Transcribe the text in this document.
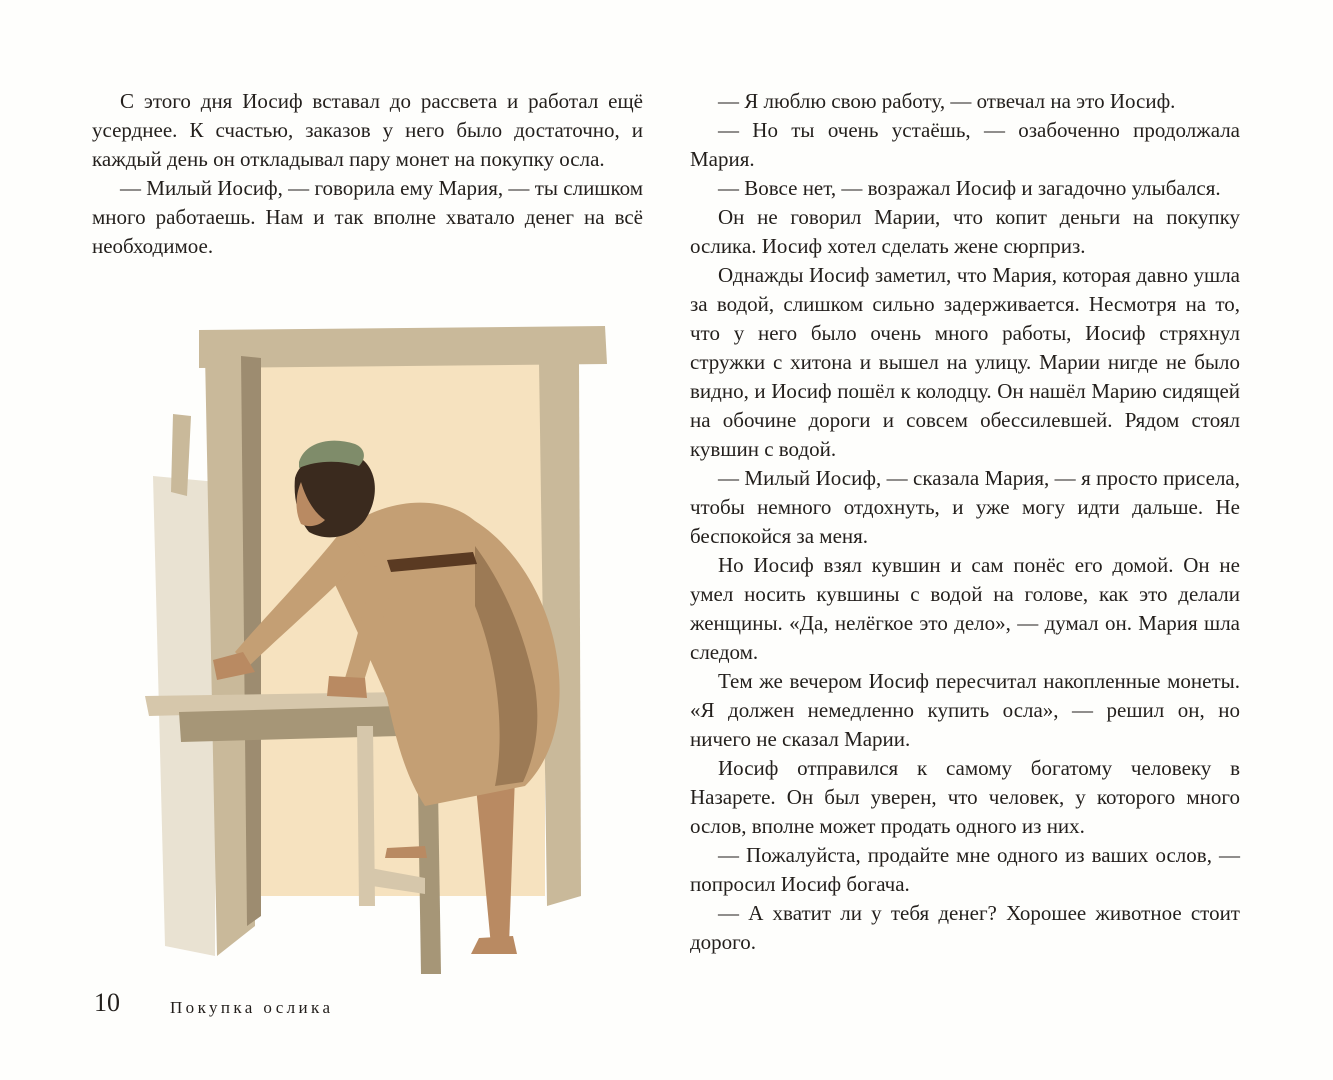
С этого дня Иосиф вставал до рассвета и работал ещё усерднее. К счастью, заказов у него было достаточно, и каждый день он откладывал пару монет на покупку осла.

— Милый Иосиф, — говорила ему Мария, — ты слишком много работаешь. Нам и так вполне хватало денег на всё необходимое.

— Я люблю свою работу, — отвечал на это Иосиф.

— Но ты очень устаёшь, — озабоченно продолжала Мария.

— Вовсе нет, — возражал Иосиф и загадочно улыбался.

Он не говорил Марии, что копит деньги на покупку ослика. Иосиф хотел сделать жене сюрприз.

Однажды Иосиф заметил, что Мария, которая давно ушла за водой, слишком сильно задерживается. Несмотря на то, что у него было очень много работы, Иосиф стряхнул стружки с хитона и вышел на улицу. Марии нигде не было видно, и Иосиф пошёл к колодцу. Он нашёл Марию сидящей на обочине дороги и совсем обессилевшей. Рядом стоял кувшин с водой.

— Милый Иосиф, — сказала Мария, — я просто присела, чтобы немного отдохнуть, и уже могу идти дальше. Не беспокойся за меня.

Но Иосиф взял кувшин и сам понёс его домой. Он не умел носить кувшины с водой на голове, как это делали женщины. «Да, нелёгкое это дело», — думал он. Мария шла следом.

Тем же вечером Иосиф пересчитал накопленные монеты. «Я должен немедленно купить осла», — решил он, но ничего не сказал Марии.

Иосиф отправился к самому богатому человеку в Назарете. Он был уверен, что человек, у которого много ослов, вполне может продать одного из них.

— Пожалуйста, продайте мне одного из ваших ослов, — попросил Иосиф богача.

— А хватит ли у тебя денег? Хорошее животное стоит дорого.

10	Покупка ослика
